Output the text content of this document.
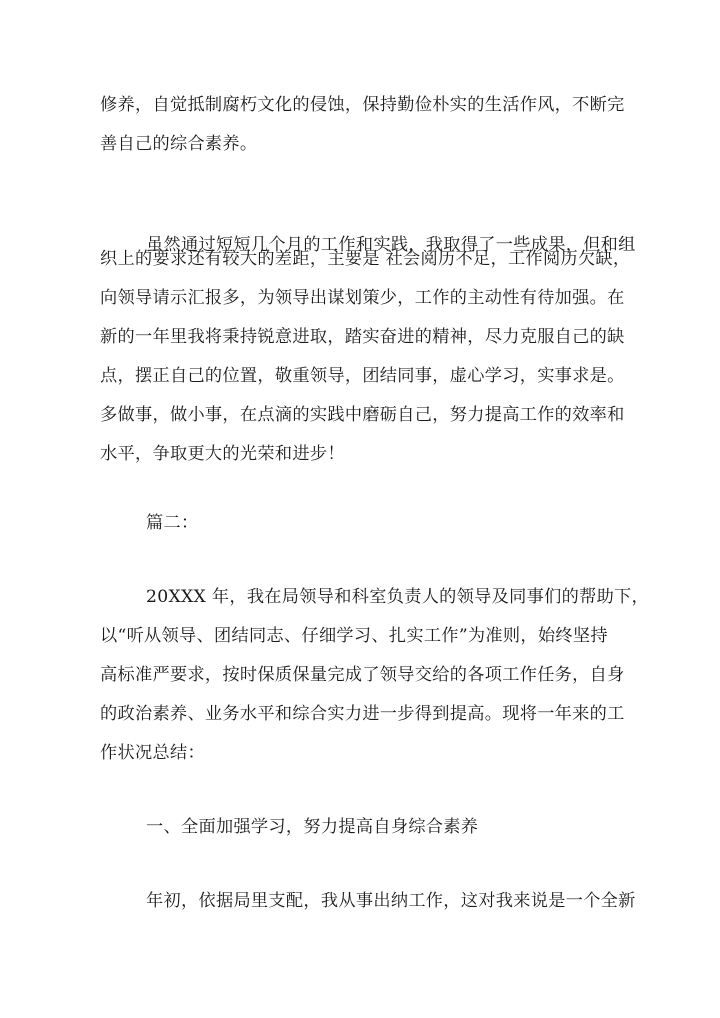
修养，自觉抵制腐朽文化的侵蚀，保持勤俭朴实的生活作风，不断完
善自己的综合素养。
虽然通过短短几个月的工作和实践，我取得了一些成果，但和组
织上的要求还有较大的差距，主要是 社会阅历不足，工作阅历欠缺，
向领导请示汇报多，为领导出谋划策少，工作的主动性有待加强。在
新的一年里我将秉持锐意进取，踏实奋进的精神，尽力克服自己的缺
点，摆正自己的位置，敬重领导，团结同事，虚心学习，实事求是。
多做事，做小事，在点滴的实践中磨砺自己，努力提高工作的效率和
水平，争取更大的光荣和进步！
篇二：
20XXX 年，我在局领导和科室负责人的领导及同事们的帮助下，
以“听从领导、团结同志、仔细学习、扎实工作”为准则，始终坚持
高标准严要求，按时保质保量完成了领导交给的各项工作任务，自身
的政治素养、业务水平和综合实力进一步得到提高。现将一年来的工
作状况总结：
一、全面加强学习，努力提高自身综合素养
年初，依据局里支配，我从事出纳工作，这对我来说是一个全新
